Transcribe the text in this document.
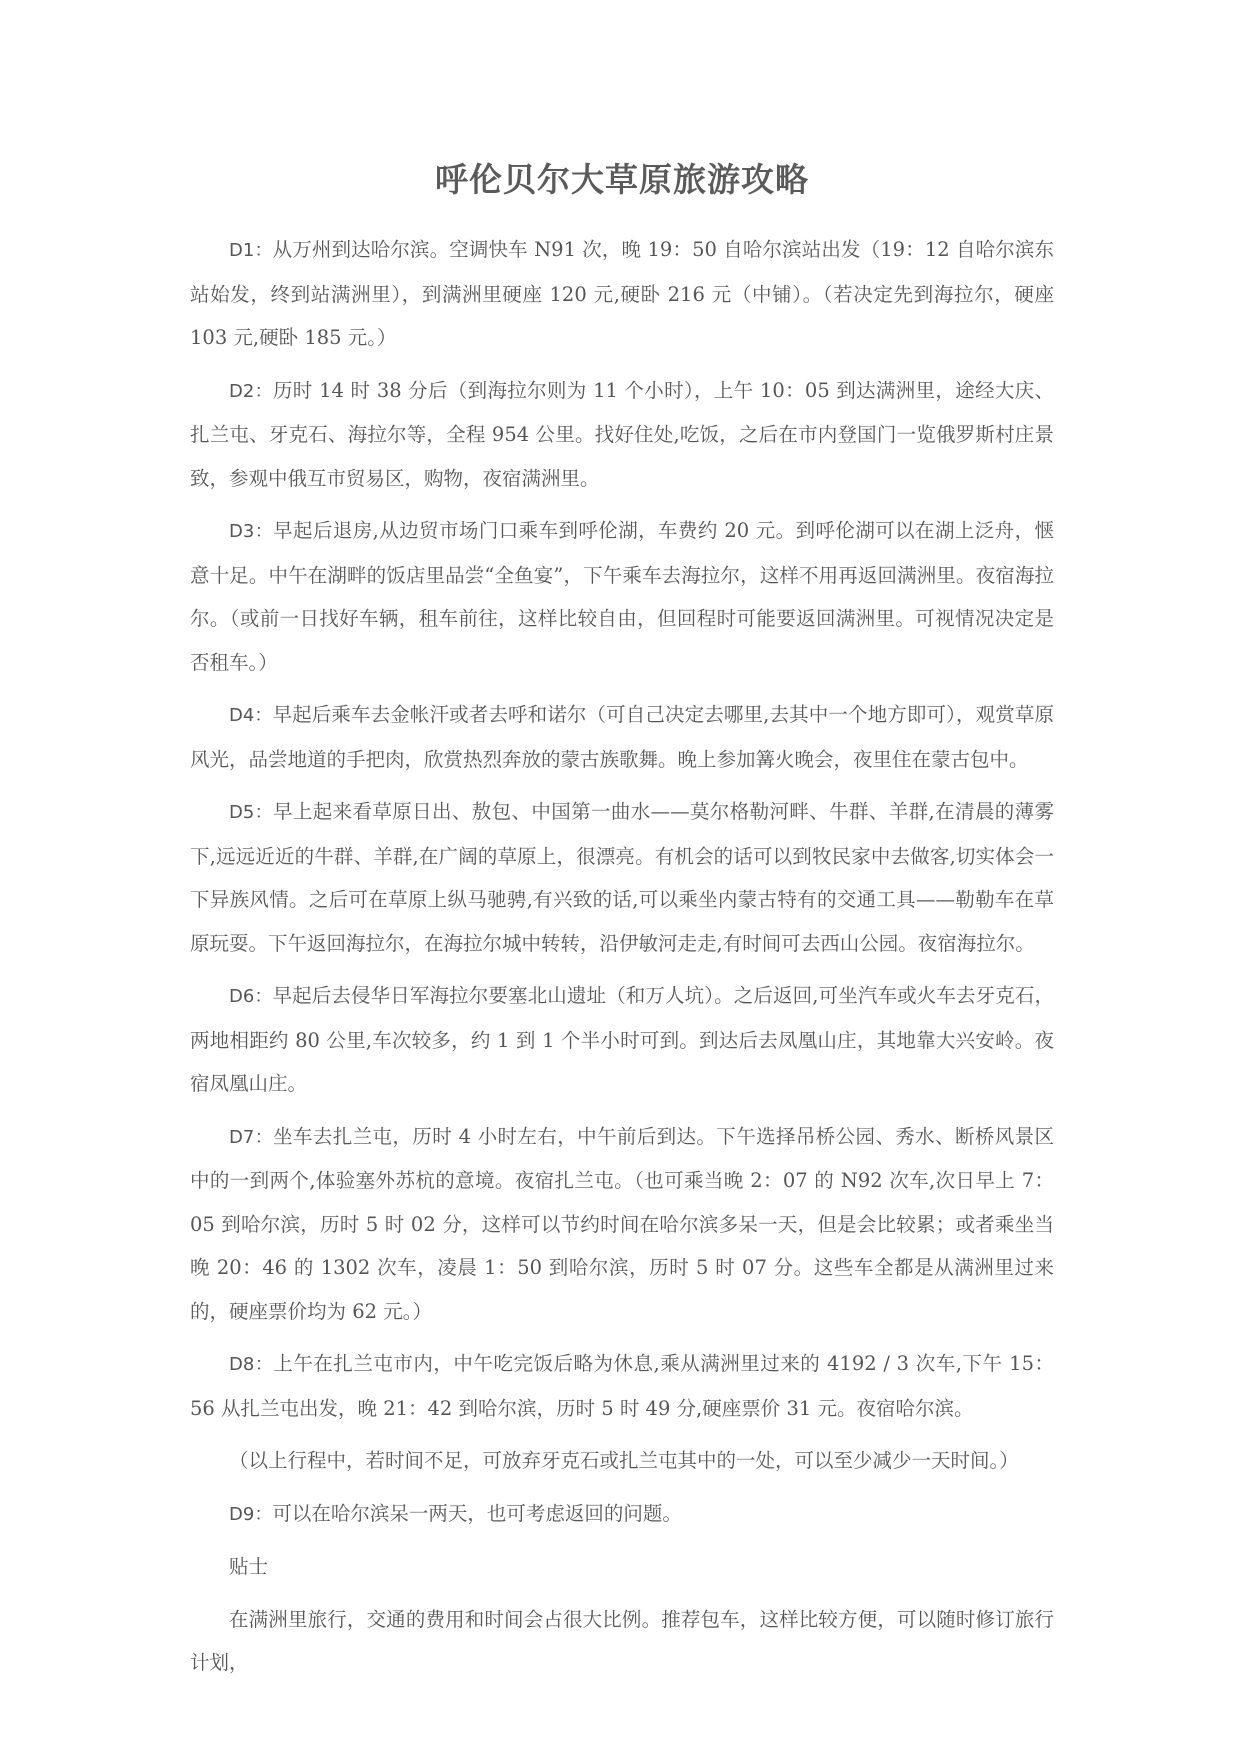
呼伦贝尔大草原旅游攻略

D1：从万州到达哈尔滨。空调快车 N91 次，晚 19：50 自哈尔滨站出发（19：12 自哈尔滨东站始发，终到站满洲里），到满洲里硬座 120 元,硬卧 216 元（中铺）。（若决定先到海拉尔，硬座 103 元,硬卧 185 元。）

D2：历时 14 时 38 分后（到海拉尔则为 11 个小时），上午 10：05 到达满洲里，途经大庆、扎兰屯、牙克石、海拉尔等，全程 954 公里。找好住处,吃饭，之后在市内登国门一览俄罗斯村庄景致，参观中俄互市贸易区，购物，夜宿满洲里。

D3：早起后退房,从边贸市场门口乘车到呼伦湖，车费约 20 元。到呼伦湖可以在湖上泛舟，惬意十足。中午在湖畔的饭店里品尝“全鱼宴”，下午乘车去海拉尔，这样不用再返回满洲里。夜宿海拉尔。（或前一日找好车辆，租车前往，这样比较自由，但回程时可能要返回满洲里。可视情况决定是否租车。）

D4：早起后乘车去金帐汗或者去呼和诺尔（可自己决定去哪里,去其中一个地方即可），观赏草原风光，品尝地道的手把肉，欣赏热烈奔放的蒙古族歌舞。晚上参加篝火晚会，夜里住在蒙古包中。

D5：早上起来看草原日出、敖包、中国第一曲水——莫尔格勒河畔、牛群、羊群,在清晨的薄雾下,远远近近的牛群、羊群,在广阔的草原上，很漂亮。有机会的话可以到牧民家中去做客,切实体会一下异族风情。之后可在草原上纵马驰骋,有兴致的话,可以乘坐内蒙古特有的交通工具——勒勒车在草原玩耍。下午返回海拉尔，在海拉尔城中转转，沿伊敏河走走,有时间可去西山公园。夜宿海拉尔。

D6：早起后去侵华日军海拉尔要塞北山遗址（和万人坑）。之后返回,可坐汽车或火车去牙克石，两地相距约 80 公里,车次较多，约 1 到 1 个半小时可到。到达后去凤凰山庄，其地靠大兴安岭。夜宿凤凰山庄。

D7：坐车去扎兰屯，历时 4 小时左右，中午前后到达。下午选择吊桥公园、秀水、断桥风景区中的一到两个,体验塞外苏杭的意境。夜宿扎兰屯。（也可乘当晚 2：07 的 N92 次车,次日早上 7：05 到哈尔滨，历时 5 时 02 分，这样可以节约时间在哈尔滨多呆一天，但是会比较累；或者乘坐当晚 20：46 的 1302 次车，凌晨 1：50 到哈尔滨，历时 5 时 07 分。这些车全都是从满洲里过来的，硬座票价均为 62 元。）

D8：上午在扎兰屯市内，中午吃完饭后略为休息,乘从满洲里过来的 4192 / 3 次车,下午 15：56 从扎兰屯出发，晚 21：42 到哈尔滨，历时 5 时 49 分,硬座票价 31 元。夜宿哈尔滨。

（以上行程中，若时间不足，可放弃牙克石或扎兰屯其中的一处，可以至少减少一天时间。）

D9：可以在哈尔滨呆一两天，也可考虑返回的问题。

贴士

在满洲里旅行，交通的费用和时间会占很大比例。推荐包车，这样比较方便，可以随时修订旅行计划，
